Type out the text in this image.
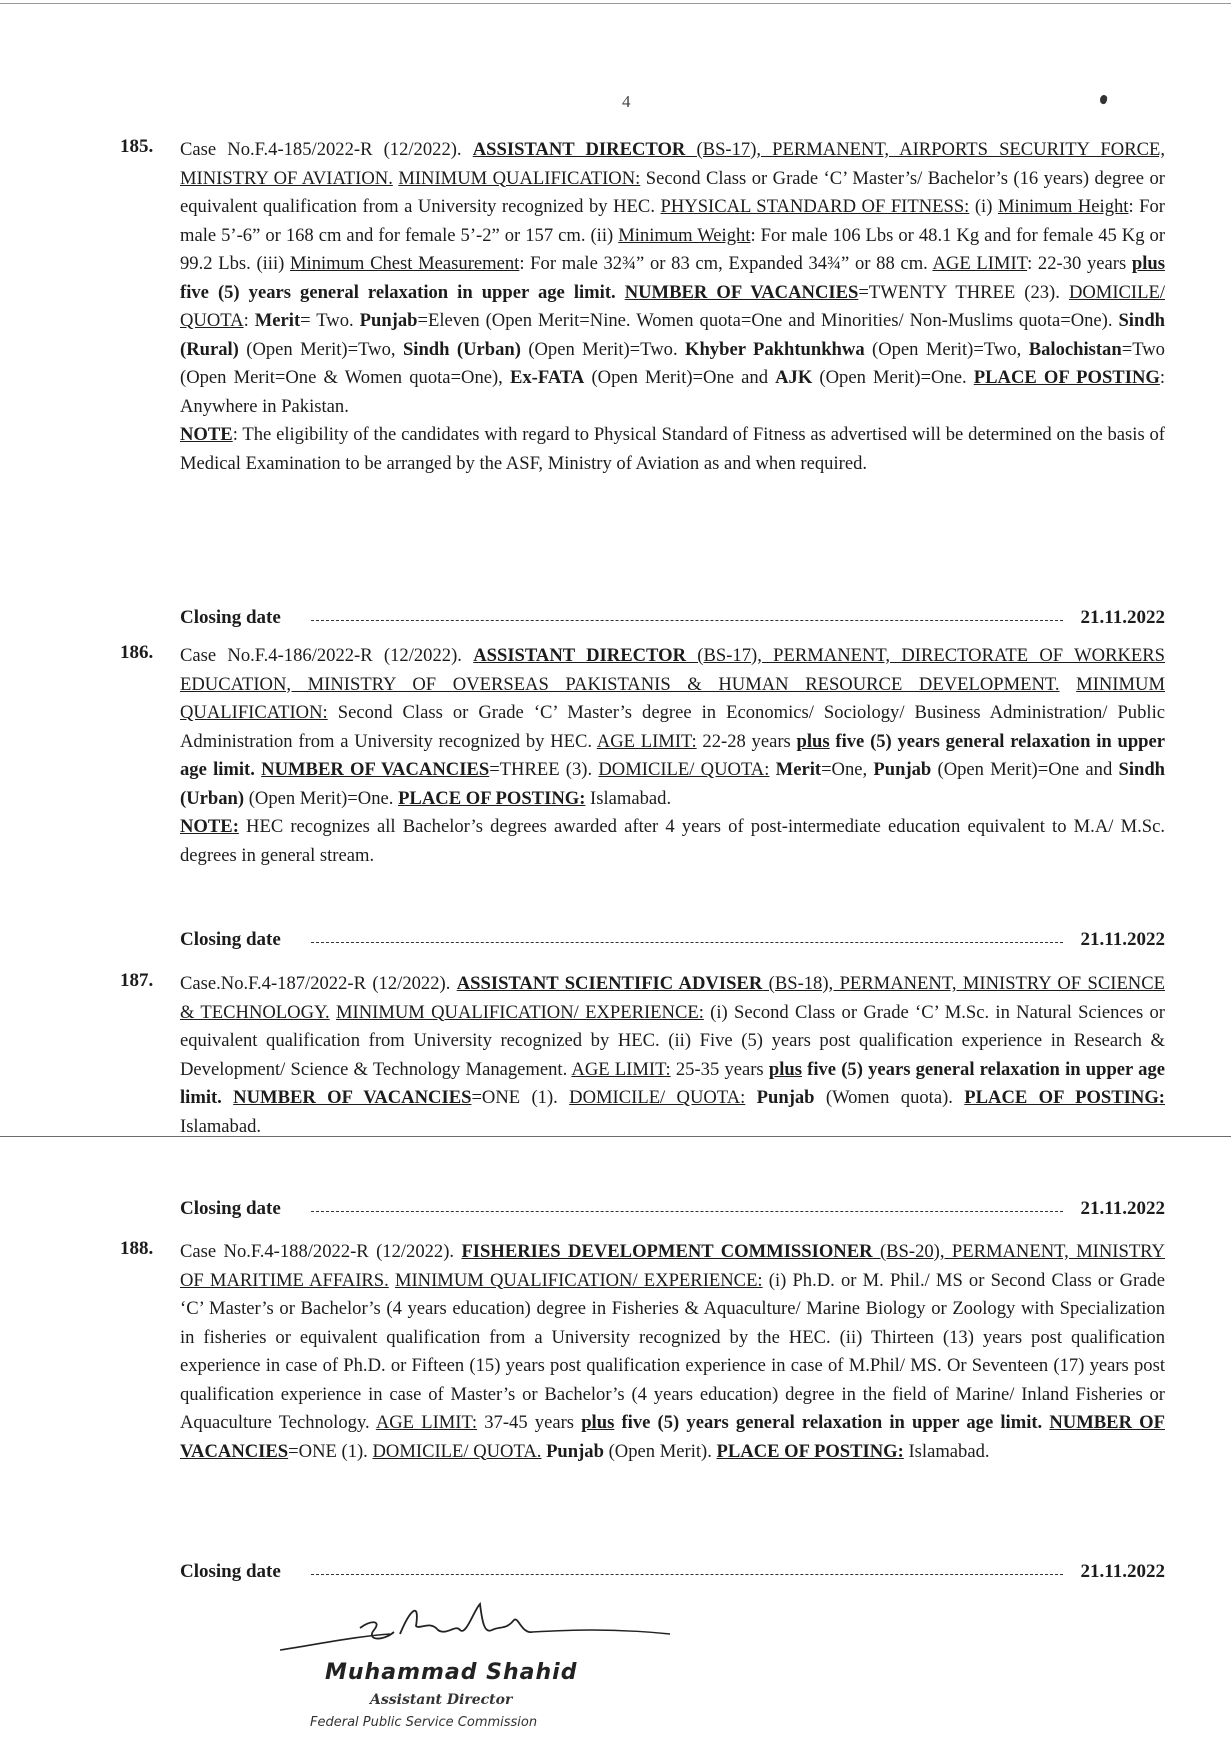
4
185. Case No.F.4-185/2022-R (12/2022). ASSISTANT DIRECTOR (BS-17), PERMANENT, AIRPORTS SECURITY FORCE, MINISTRY OF AVIATION. MINIMUM QUALIFICATION: Second Class or Grade ‘C’ Master’s/ Bachelor’s (16 years) degree or equivalent qualification from a University recognized by HEC. PHYSICAL STANDARD OF FITNESS: (i) Minimum Height: For male 5’-6” or 168 cm and for female 5’-2” or 157 cm. (ii) Minimum Weight: For male 106 Lbs or 48.1 Kg and for female 45 Kg or 99.2 Lbs. (iii) Minimum Chest Measurement: For male 32¾” or 83 cm, Expanded 34¾” or 88 cm. AGE LIMIT: 22-30 years plus five (5) years general relaxation in upper age limit. NUMBER OF VACANCIES=TWENTY THREE (23). DOMICILE/ QUOTA: Merit= Two. Punjab=Eleven (Open Merit=Nine. Women quota=One and Minorities/ Non-Muslims quota=One). Sindh (Rural) (Open Merit)=Two, Sindh (Urban) (Open Merit)=Two. Khyber Pakhtunkhwa (Open Merit)=Two, Balochistan=Two (Open Merit=One & Women quota=One), Ex-FATA (Open Merit)=One and AJK (Open Merit)=One. PLACE OF POSTING: Anywhere in Pakistan.

NOTE: The eligibility of the candidates with regard to Physical Standard of Fitness as advertised will be determined on the basis of Medical Examination to be arranged by the ASF, Ministry of Aviation as and when required.

Closing date	21.11.2022
186. Case No.F.4-186/2022-R (12/2022). ASSISTANT DIRECTOR (BS-17), PERMANENT, DIRECTORATE OF WORKERS EDUCATION, MINISTRY OF OVERSEAS PAKISTANIS & HUMAN RESOURCE DEVELOPMENT. MINIMUM QUALIFICATION: Second Class or Grade ‘C’ Master’s degree in Economics/ Sociology/ Business Administration/ Public Administration from a University recognized by HEC. AGE LIMIT: 22-28 years plus five (5) years general relaxation in upper age limit. NUMBER OF VACANCIES=THREE (3). DOMICILE/ QUOTA: Merit=One, Punjab (Open Merit)=One and Sindh (Urban) (Open Merit)=One. PLACE OF POSTING: Islamabad.

NOTE: HEC recognizes all Bachelor’s degrees awarded after 4 years of post-intermediate education equivalent to M.A/ M.Sc. degrees in general stream.

Closing date	21.11.2022
187. Case.No.F.4-187/2022-R (12/2022). ASSISTANT SCIENTIFIC ADVISER (BS-18), PERMANENT, MINISTRY OF SCIENCE & TECHNOLOGY. MINIMUM QUALIFICATION/ EXPERIENCE: (i) Second Class or Grade ‘C’ M.Sc. in Natural Sciences or equivalent qualification from University recognized by HEC. (ii) Five (5) years post qualification experience in Research & Development/ Science & Technology Management. AGE LIMIT: 25-35 years plus five (5) years general relaxation in upper age limit. NUMBER OF VACANCIES=ONE (1). DOMICILE/ QUOTA: Punjab (Women quota). PLACE OF POSTING: Islamabad.

Closing date	21.11.2022
188. Case No.F.4-188/2022-R (12/2022). FISHERIES DEVELOPMENT COMMISSIONER (BS-20), PERMANENT, MINISTRY OF MARITIME AFFAIRS. MINIMUM QUALIFICATION/ EXPERIENCE: (i) Ph.D. or M. Phil./ MS or Second Class or Grade ‘C’ Master’s or Bachelor’s (4 years education) degree in Fisheries & Aquaculture/ Marine Biology or Zoology with Specialization in fisheries or equivalent qualification from a University recognized by the HEC. (ii) Thirteen (13) years post qualification experience in case of Ph.D. or Fifteen (15) years post qualification experience in case of M.Phil/ MS. Or Seventeen (17) years post qualification experience in case of Master’s or Bachelor’s (4 years education) degree in the field of Marine/ Inland Fisheries or Aquaculture Technology. AGE LIMIT: 37-45 years plus five (5) years general relaxation in upper age limit. NUMBER OF VACANCIES=ONE (1). DOMICILE/ QUOTA. Punjab (Open Merit). PLACE OF POSTING: Islamabad.

Closing date	21.11.2022
Muhammad Shahid
Assistant Director
Federal Public Service Commission
